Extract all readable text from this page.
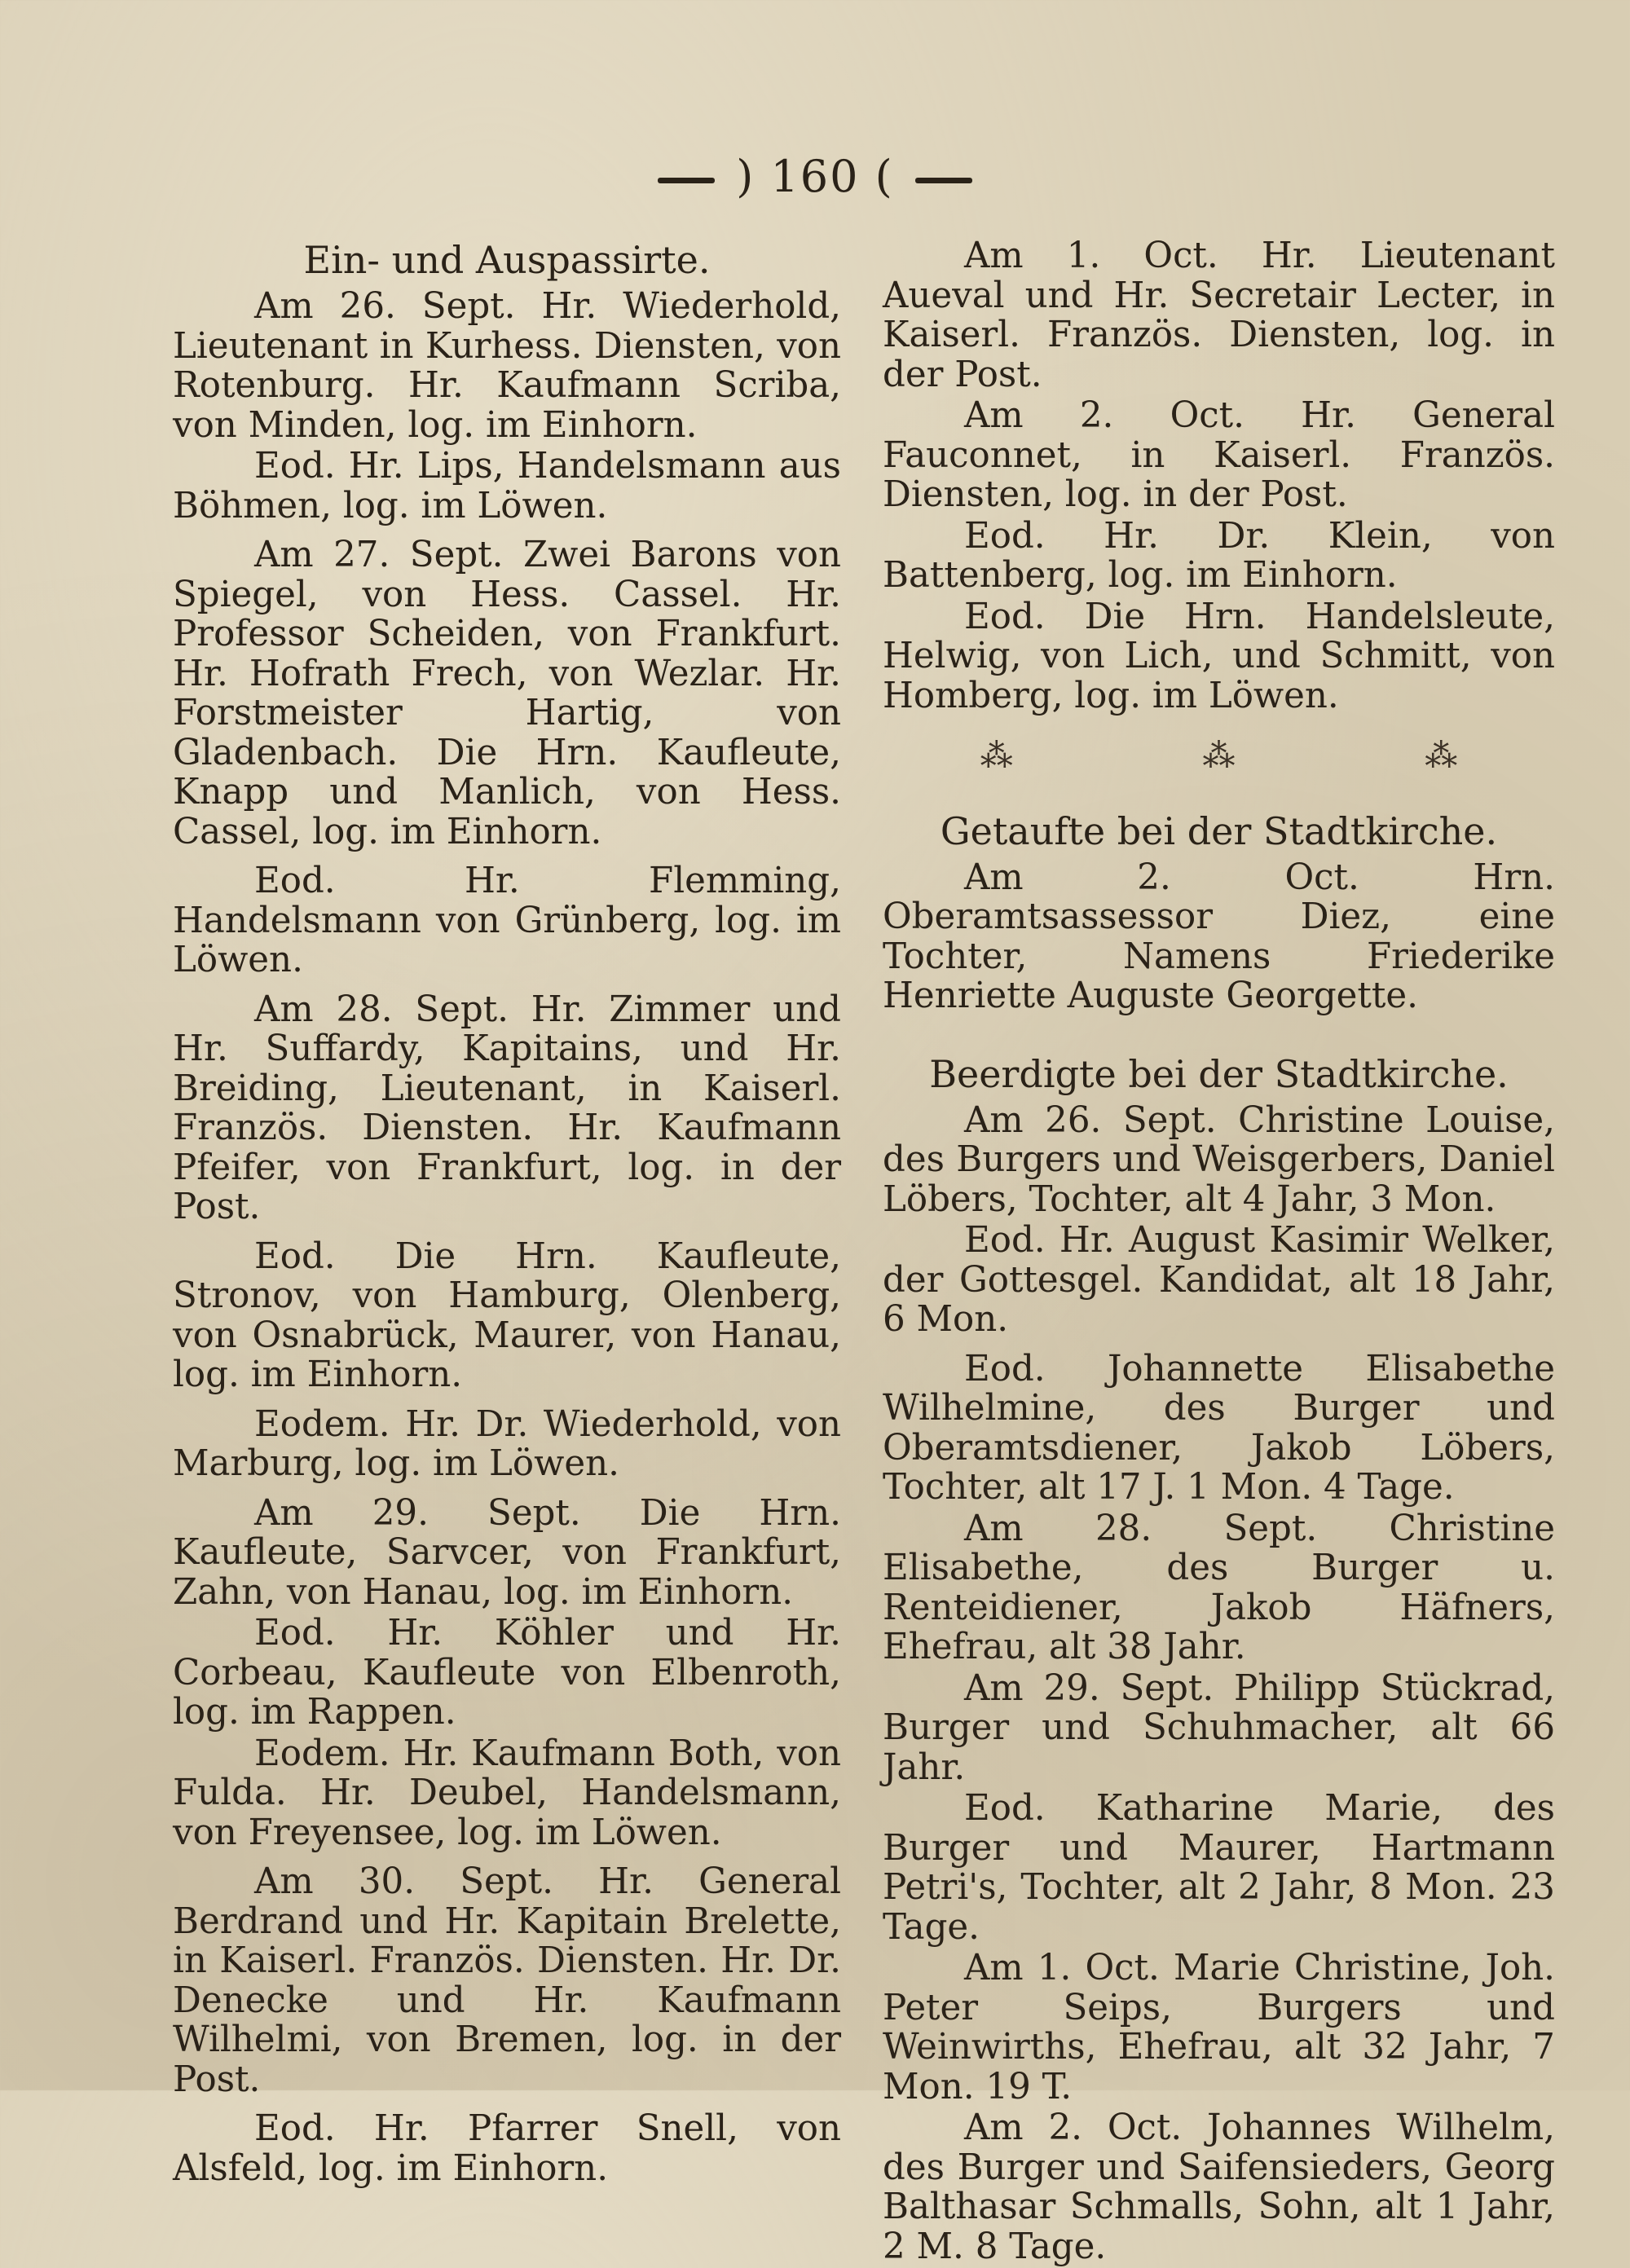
) 160 (
Ein- und Auspassirte.

Am 26. Sept. Hr. Wiederhold, Lieutenant in Kurhess. Diensten, von Rotenburg. Hr. Kaufmann Scriba, von Minden, log. im Einhorn.

Eod. Hr. Lips, Handelsmann aus Böhmen, log. im Löwen.

Am 27. Sept. Zwei Barons von Spiegel, von Hess. Cassel. Hr. Professor Scheiden, von Frankfurt. Hr. Hofrath Frech, von Wezlar. Hr. Forstmeister Hartig, von Gladenbach. Die Hrn. Kaufleute, Knapp und Manlich, von Hess. Cassel, log. im Einhorn.

Eod. Hr. Flemming, Handelsmann von Grünberg, log. im Löwen.

Am 28. Sept. Hr. Zimmer und Hr. Suffardy, Kapitains, und Hr. Breiding, Lieutenant, in Kaiserl. Französ. Diensten. Hr. Kaufmann Pfeifer, von Frankfurt, log. in der Post.

Eod. Die Hrn. Kaufleute, Stronov, von Hamburg, Olenberg, von Osnabrück, Maurer, von Hanau, log. im Einhorn.

Eodem. Hr. Dr. Wiederhold, von Marburg, log. im Löwen.

Am 29. Sept. Die Hrn. Kaufleute, Sarvcer, von Frankfurt, Zahn, von Hanau, log. im Einhorn.

Eod. Hr. Köhler und Hr. Corbeau, Kaufleute von Elbenroth, log. im Rappen.

Eodem. Hr. Kaufmann Both, von Fulda. Hr. Deubel, Handelsmann, von Freyensee, log. im Löwen.

Am 30. Sept. Hr. General Berdrand und Hr. Kapitain Brelette, in Kaiserl. Französ. Diensten. Hr. Dr. Denecke und Hr. Kaufmann Wilhelmi, von Bremen, log. in der Post.

Eod. Hr. Pfarrer Snell, von Alsfeld, log. im Einhorn.

Am 1. Oct. Hr. Lieutenant Aueval und Hr. Secretair Lecter, in Kaiserl. Französ. Diensten, log. in der Post.

Am 2. Oct. Hr. General Fauconnet, in Kaiserl. Französ. Diensten, log. in der Post.

Eod. Hr. Dr. Klein, von Battenberg, log. im Einhorn.

Eod. Die Hrn. Handelsleute, Helwig, von Lich, und Schmitt, von Homberg, log. im Löwen.

⁂ ⁂ ⁂
Getaufte bei der Stadtkirche.

Am 2. Oct. Hrn. Oberamtsassessor Diez, eine Tochter, Namens Friederike Henriette Auguste Georgette.

Beerdigte bei der Stadtkirche.

Am 26. Sept. Christine Louise, des Burgers und Weisgerbers, Daniel Löbers, Tochter, alt 4 Jahr, 3 Mon.

Eod. Hr. August Kasimir Welker, der Gottesgel. Kandidat, alt 18 Jahr, 6 Mon.

Eod. Johannette Elisabethe Wilhelmine, des Burger und Oberamtsdiener, Jakob Löbers, Tochter, alt 17 J. 1 Mon. 4 Tage.

Am 28. Sept. Christine Elisabethe, des Burger u. Renteidiener, Jakob Häfners, Ehefrau, alt 38 Jahr.

Am 29. Sept. Philipp Stückrad, Burger und Schuhmacher, alt 66 Jahr.

Eod. Katharine Marie, des Burger und Maurer, Hartmann Petri's, Tochter, alt 2 Jahr, 8 Mon. 23 Tage.

Am 1. Oct. Marie Christine, Joh. Peter Seips, Burgers und Weinwirths, Ehefrau, alt 32 Jahr, 7 Mon. 19 T.

Am 2. Oct. Johannes Wilhelm, des Burger und Saifensieders, Georg Balthasar Schmalls, Sohn, alt 1 Jahr, 2 M. 8 Tage.
